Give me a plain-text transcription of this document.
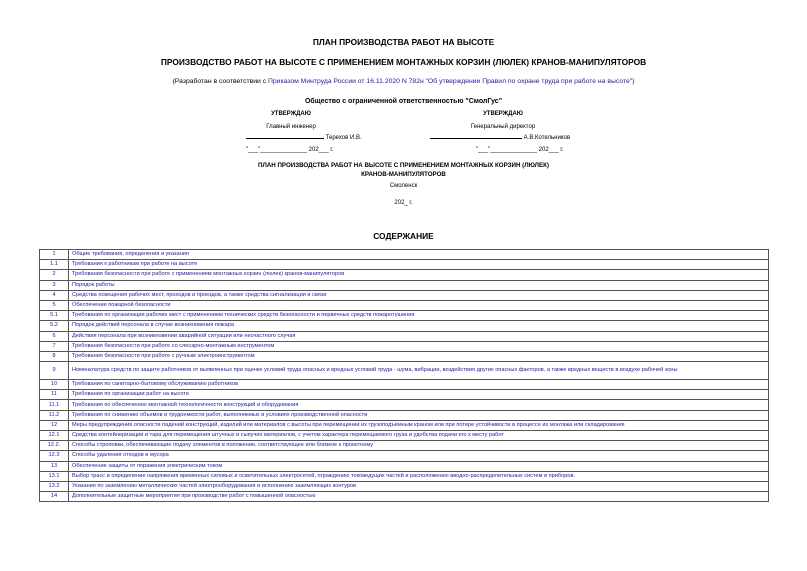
ПЛАН ПРОИЗВОДСТВА РАБОТ НА ВЫСОТЕ
ПРОИЗВОДСТВО РАБОТ НА ВЫСОТЕ С ПРИМЕНЕНИЕМ МОНТАЖНЫХ КОРЗИН (ЛЮЛЕК) КРАНОВ-МАНИПУЛЯТОРОВ
(Разработан в соответствии с Приказом Минтруда России от 16.11.2020 N 782н "Об утверждении Правил по охране труда при работе на высоте")
Общество с ограниченной ответственностью "СмолГус"
УТВЕРЖДАЮ
Главный инженер
Терехов И.В.
"___"______________ 202___ г.
УТВЕРЖДАЮ
Генеральный директор
А.В.Котельников
"___"______________ 202___ г.
ПЛАН ПРОИЗВОДСТВА РАБОТ НА ВЫСОТЕ С ПРИМЕНЕНИЕМ МОНТАЖНЫХ КОРЗИН (ЛЮЛЕК)
КРАНОВ-МАНИПУЛЯТОРОВ
Смоленск
202_ г.
СОДЕРЖАНИЕ
1	Общие требования, определения и указания
1.1	Требования к работникам при работе на высоте
2	Требования безопасности при работе с применением монтажных корзин (люлек) кранов-манипуляторов
3	Порядок работы
4	Средства освещения рабочих мест, проходов и проездов, а также средства сигнализации и связи
5	Обеспечение пожарной безопасности
5.1	Требования по организации рабочих мест с применением технических средств безопасности и первичных средств пожаротушения
5.2	Порядок действий персонала в случае возникновения пожара
6	Действия персонала при возникновении аварийной ситуации или несчастного случая
7	Требования безопасности при работе со слесарно-монтажным инструментом
8	Требования безопасности при работе с ручным электроинструментом
9	Номенклатура средств по защите работников от выявленных при оценке условий труда опасных и вредных условий труда - шума, вибрации, воздействия других опасных факторов, а также вредных веществ в воздухе рабочей зоны
10	Требования по санитарно-бытовому обслуживанию работников
11	Требования по организации работ на высоте
11.1	Требования по обеспечению монтажной технологичности конструкций и оборудования
11.2	Требования по снижению объемов и трудоемкости работ, выполняемых в условиях производственной опасности
12	Меры предупреждения опасности падений конструкций, изделий или материалов с высоты при перемещении их грузоподъёмным краном или при потере устойчивости в процессе их монтажа или складирования
12.1	Средства контейнеризации и тара для перемещения штучных и сыпучих материалов, с учетом характера перемещаемого груза и удобства подачи его к месту работ
12.2.	Способы строповки, обеспечивающие подачу элементов в положение, соответствующее или близкое к проектному
12.3	Способы удаления отходов и мусора
13	Обеспечение защиты от поражения электрическим током
13.1	Выбор трасс и определение напряжения временных силовых и осветительных электросетей, ограждению токоведущих частей и расположению вводно-распределительных систем и приборов.
13.2	Указания по заземлению металлических частей электрооборудования и исполнению заземляющих контуров
14	Дополнительные защитные мероприятия при производстве работ с повышенной опасностью
